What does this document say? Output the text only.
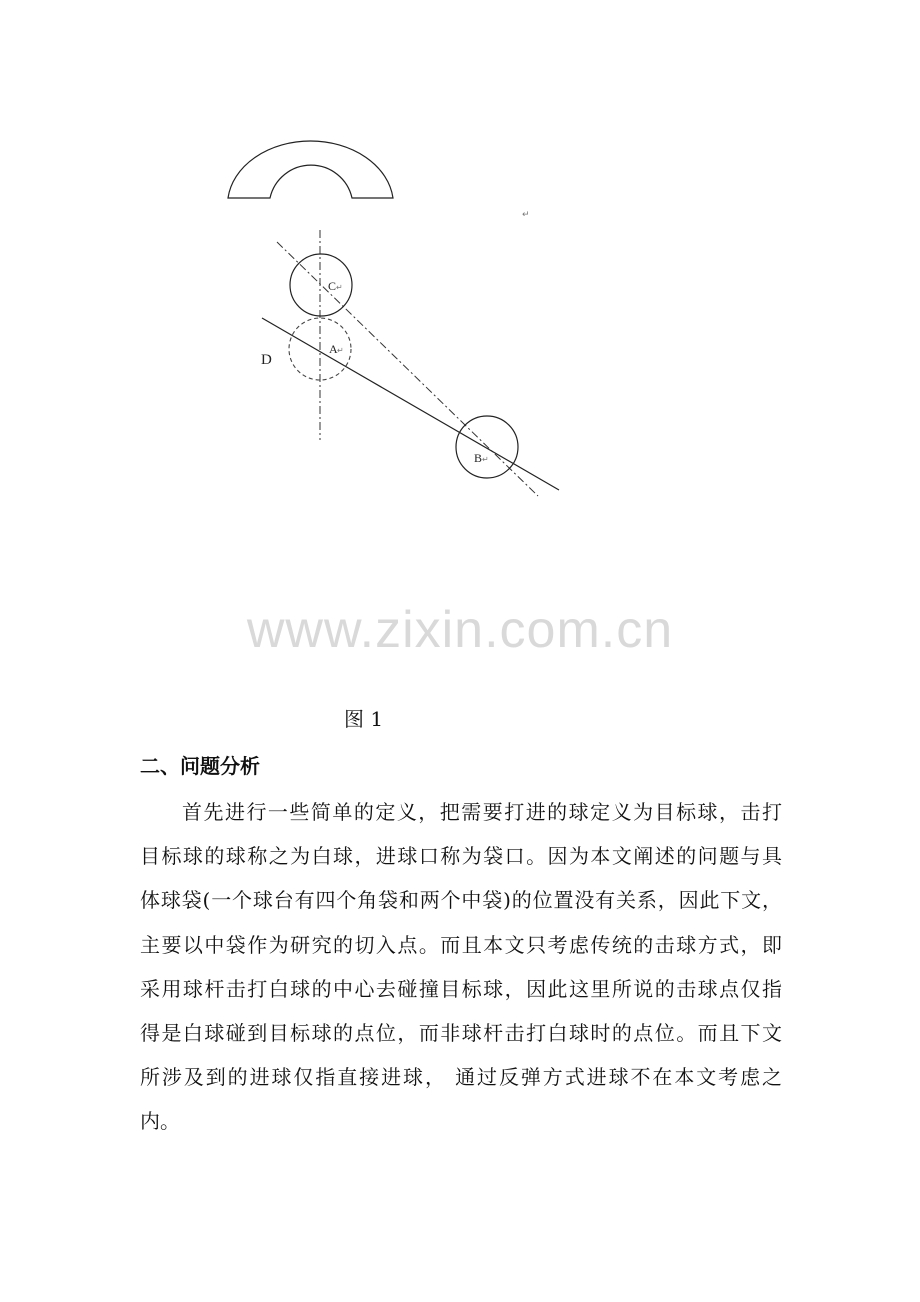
C
A
B
D
↵
↵
↵
↵
www.zixin.com.cn
图 1
二、问题分析
首先进行一些简单的定义，把需要打进的球定义为目标球，击打
目标球的球称之为白球，进球口称为袋口。因为本文阐述的问题与具
体球袋(一个球台有四个角袋和两个中袋)的位置没有关系，因此下文，
主要以中袋作为研究的切入点。而且本文只考虑传统的击球方式，即
采用球杆击打白球的中心去碰撞目标球，因此这里所说的击球点仅指
得是白球碰到目标球的点位，而非球杆击打白球时的点位。而且下文
所涉及到的进球仅指直接进球， 通过反弹方式进球不在本文考虑之
内。
